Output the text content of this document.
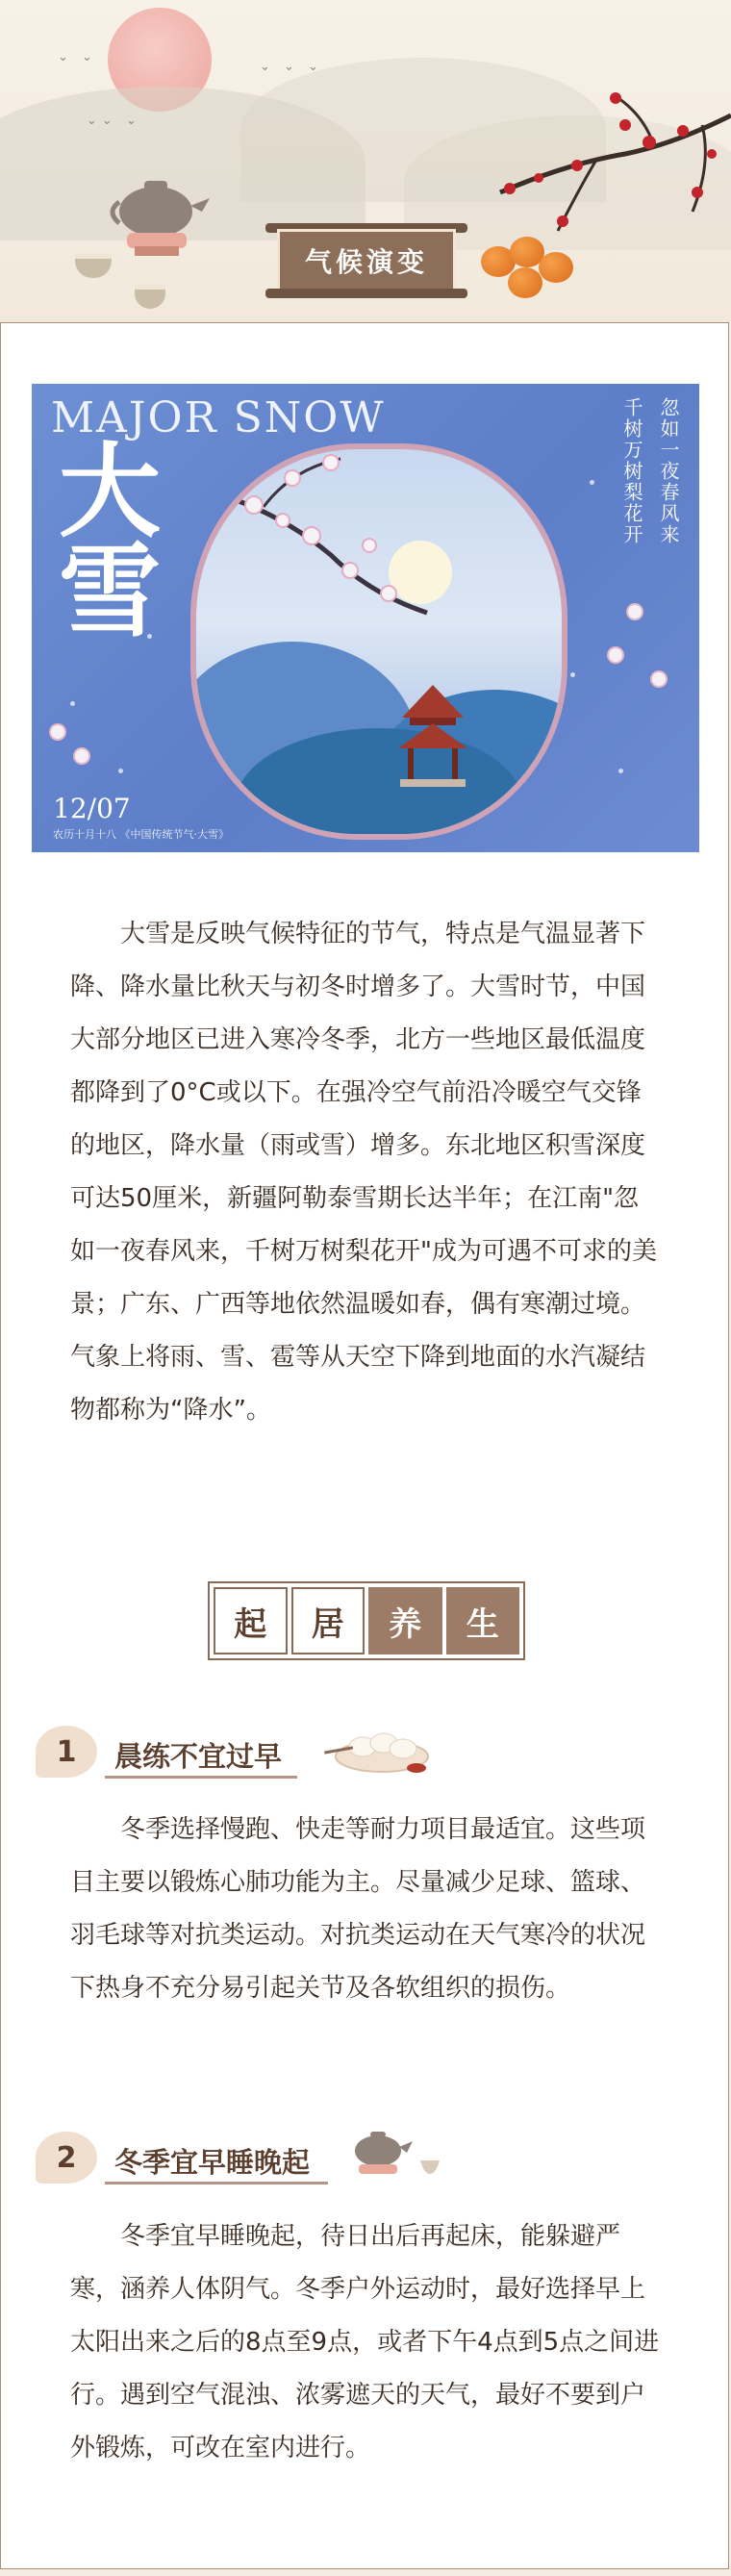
⌄ ⌄
⌄⌄ ⌄
⌄ ⌄ ⌄
气候演变
MAJOR SNOW
大雪
忽如一夜春风来
千树万树梨花开
12/07
农历十月十八 《中国传统节气·大雪》

大雪是反映气候特征的节气，特点是气温显著下降、降水量比秋天与初冬时增多了。大雪时节，中国大部分地区已进入寒冷冬季，北方一些地区最低温度都降到了0°C或以下。在强冷空气前沿冷暖空气交锋的地区，降水量（雨或雪）增多。东北地区积雪深度可达50厘米，新疆阿勒泰雪期长达半年；在江南"忽如一夜春风来，千树万树梨花开"成为可遇不可求的美景；广东、广西等地依然温暖如春，偶有寒潮过境。气象上将雨、雪、雹等从天空下降到地面的水汽凝结物都称为“降水”。

起	居	养	生
1	晨练不宜过早

冬季选择慢跑、快走等耐力项目最适宜。这些项目主要以锻炼心肺功能为主。尽量减少足球、篮球、羽毛球等对抗类运动。对抗类运动在天气寒冷的状况下热身不充分易引起关节及各软组织的损伤。

2	冬季宜早睡晚起

冬季宜早睡晚起，待日出后再起床，能躲避严寒，涵养人体阴气。冬季户外运动时，最好选择早上太阳出来之后的8点至9点，或者下午4点到5点之间进行。遇到空气混浊、浓雾遮天的天气，最好不要到户外锻炼，可改在室内进行。
